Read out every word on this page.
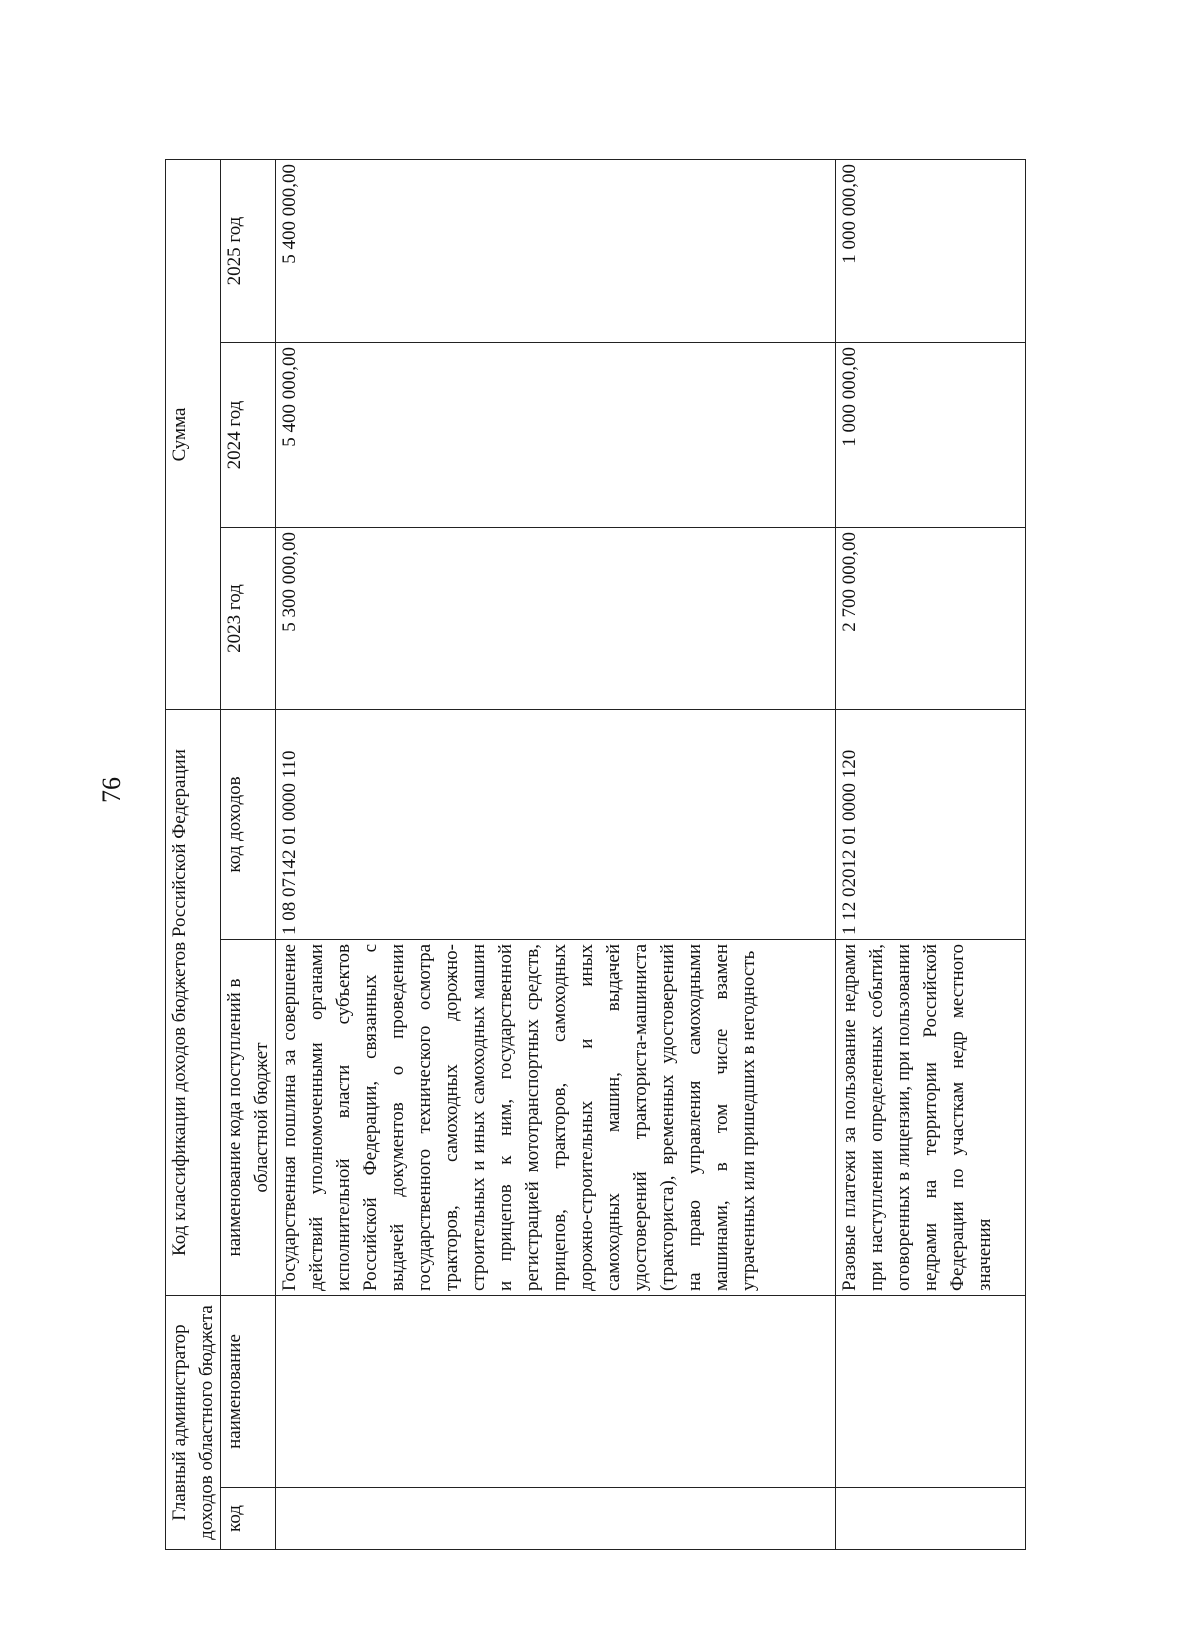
76
Главный администратор доходов областного бюджета		Код классификации доходов бюджетов Российской Федерации		Сумма		
код	наименование	наименование кода поступлений в областной бюджет	код доходов	2023 год	2024 год	2025 год
		Государственная пошлина за совершение действий уполномоченными органами исполнительной власти субъектов Российской Федерации, связанных с выдачей документов о проведении государственного технического осмотра тракторов, самоходных дорожно-строительных и иных самоходных машин и прицепов к ним, государственной регистрацией мототранспортных средств, прицепов, тракторов, самоходных дорожно-строительных и иных самоходных машин, выдачей удостоверений тракториста-машиниста (тракториста), временных удостоверений на право управления самоходными машинами, в том числе взамен утраченных или пришедших в негодность	1 08 07142 01 0000 110	5 300 000,00	5 400 000,00	5 400 000,00
		Разовые платежи за пользование недрами при наступлении определенных событий, оговоренных в лицензии, при пользовании недрами на территории Российской Федерации по участкам недр местного значения	1 12 02012 01 0000 120	2 700 000,00	1 000 000,00	1 000 000,00
